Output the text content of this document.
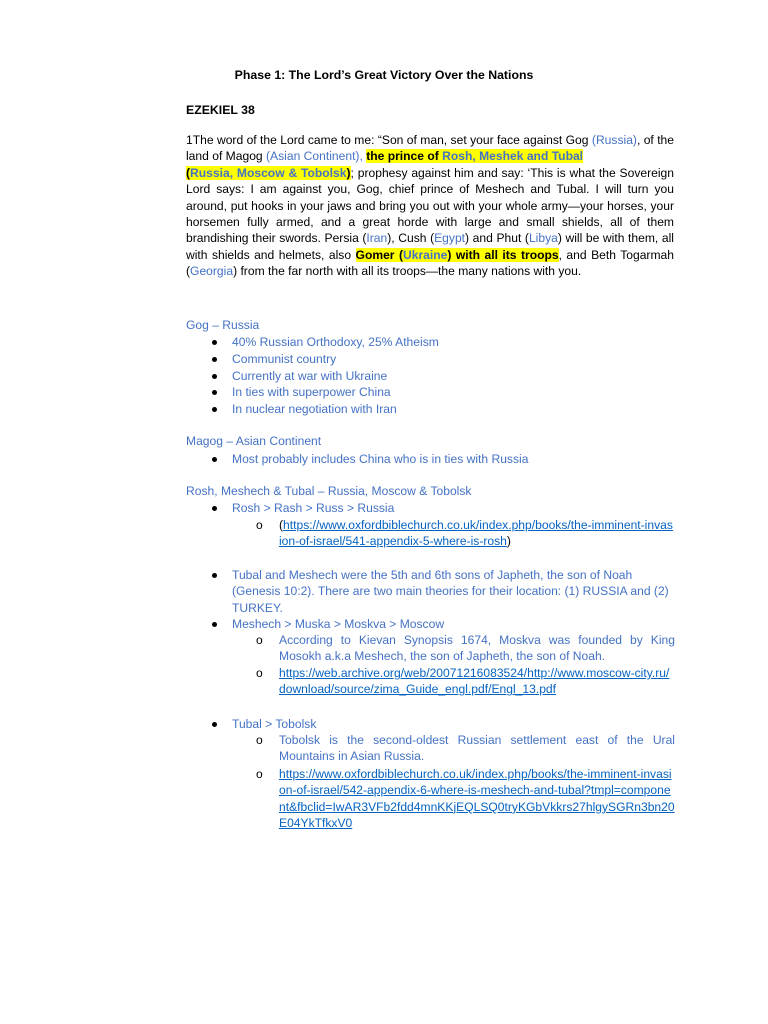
Phase 1: The Lord’s Great Victory Over the Nations
EZEKIEL 38
1The word of the Lord came to me: “Son of man, set your face against Gog (Russia), of the land of Magog (Asian Continent), the prince of Rosh, Meshek and Tubal
(Russia, Moscow & Tobolsk); prophesy against him and say: ‘This is what the Sovereign Lord says: I am against you, Gog, chief prince of Meshech and Tubal. I will turn you around, put hooks in your jaws and bring you out with your whole army—your horses, your horsemen fully armed, and a great horde with large and small shields, all of them brandishing their swords. Persia (Iran), Cush (Egypt) and Phut (Libya) will be with them, all with shields and helmets, also Gomer (Ukraine) with all its troops, and Beth Togarmah (Georgia) from the far north with all its troops—the many nations with you.
Gog – Russia
40% Russian Orthodoxy, 25% Atheism
Communist country
Currently at war with Ukraine
In ties with superpower China
In nuclear negotiation with Iran
Magog – Asian Continent
Most probably includes China who is in ties with Russia
Rosh, Meshech & Tubal – Russia, Moscow & Tobolsk
Rosh > Rash > Russ > Russia
o (https://www.oxfordbiblechurch.co.uk/index.php/books/the-imminent-invasion-of-israel/541-appendix-5-where-is-rosh)
Tubal and Meshech were the 5th and 6th sons of Japheth, the son of Noah (Genesis 10:2). There are two main theories for their location: (1) RUSSIA and (2) TURKEY.
Meshech > Muska > Moskva > Moscow
o According to Kievan Synopsis 1674, Moskva was founded by King Mosokh a.k.a Meshech, the son of Japheth, the son of Noah.
o https://web.archive.org/web/20071216083524/http://www.moscow-city.ru/download/source/zima_Guide_engl.pdf/Engl_13.pdf
Tubal > Tobolsk
o Tobolsk is the second-oldest Russian settlement east of the Ural Mountains in Asian Russia.
o https://www.oxfordbiblechurch.co.uk/index.php/books/the-imminent-invasion-of-israel/542-appendix-6-where-is-meshech-and-tubal?tmpl=component&fbclid=IwAR3VFb2fdd4mnKKjEQLSQ0tryKGbVkkrs27hlgySGRn3bn20E04YkTfkxV0
